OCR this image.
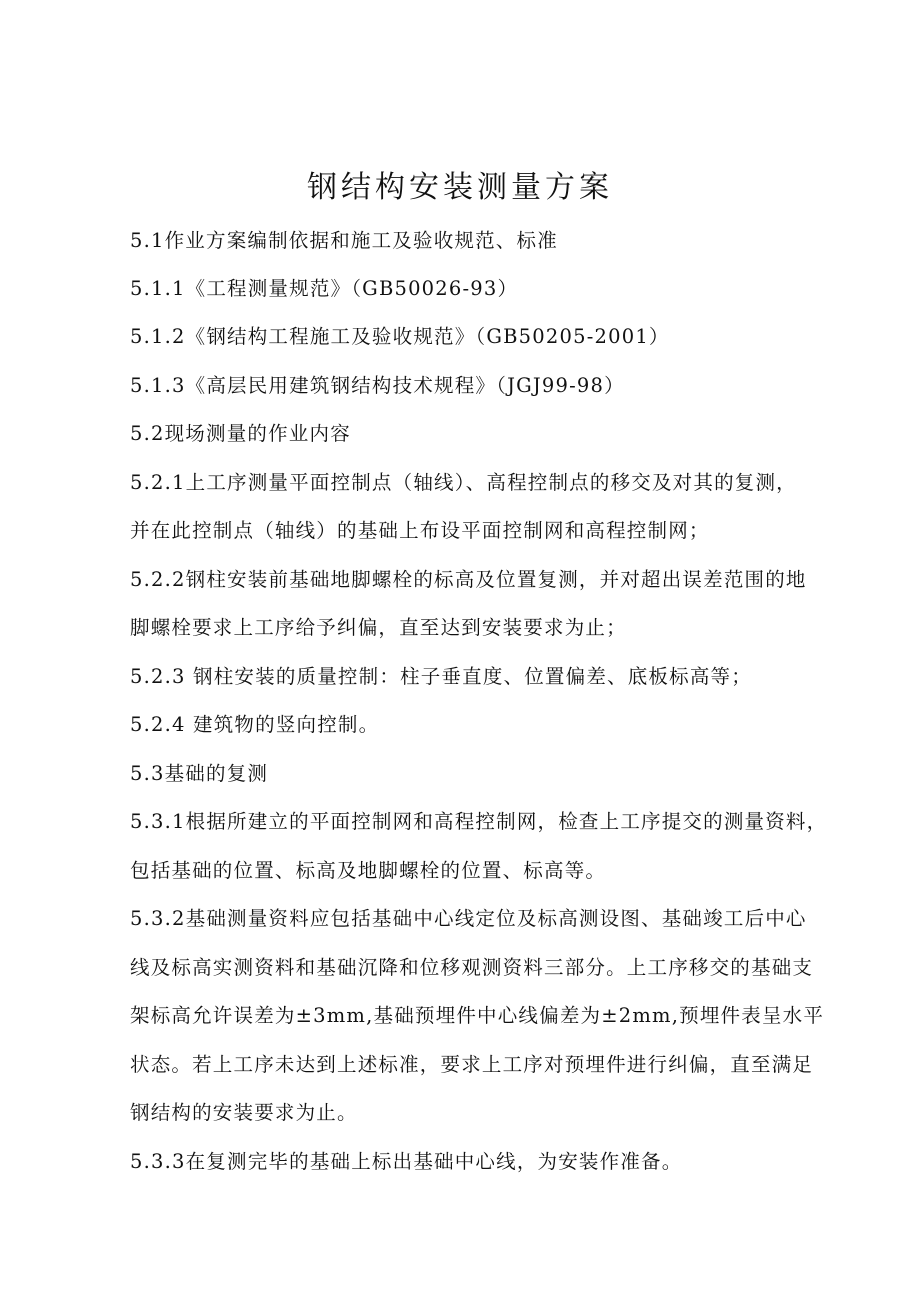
钢结构安装测量方案
5.1作业方案编制依据和施工及验收规范、标准
5.1.1《工程测量规范》（GB50026-93）
5.1.2《钢结构工程施工及验收规范》（GB50205-2001）
5.1.3《高层民用建筑钢结构技术规程》（JGJ99-98）
5.2现场测量的作业内容
5.2.1上工序测量平面控制点（轴线）、高程控制点的移交及对其的复测，
并在此控制点（轴线）的基础上布设平面控制网和高程控制网；
5.2.2钢柱安装前基础地脚螺栓的标高及位置复测，并对超出误差范围的地
脚螺栓要求上工序给予纠偏，直至达到安装要求为止；
5.2.3 钢柱安装的质量控制：柱子垂直度、位置偏差、底板标高等；
5.2.4 建筑物的竖向控制。
5.3基础的复测
5.3.1根据所建立的平面控制网和高程控制网，检查上工序提交的测量资料，
包括基础的位置、标高及地脚螺栓的位置、标高等。
5.3.2基础测量资料应包括基础中心线定位及标高测设图、基础竣工后中心
线及标高实测资料和基础沉降和位移观测资料三部分。上工序移交的基础支
架标高允许误差为±3mm,基础预埋件中心线偏差为±2mm,预埋件表呈水平
状态。若上工序未达到上述标准，要求上工序对预埋件进行纠偏，直至满足
钢结构的安装要求为止。
5.3.3在复测完毕的基础上标出基础中心线，为安装作准备。
